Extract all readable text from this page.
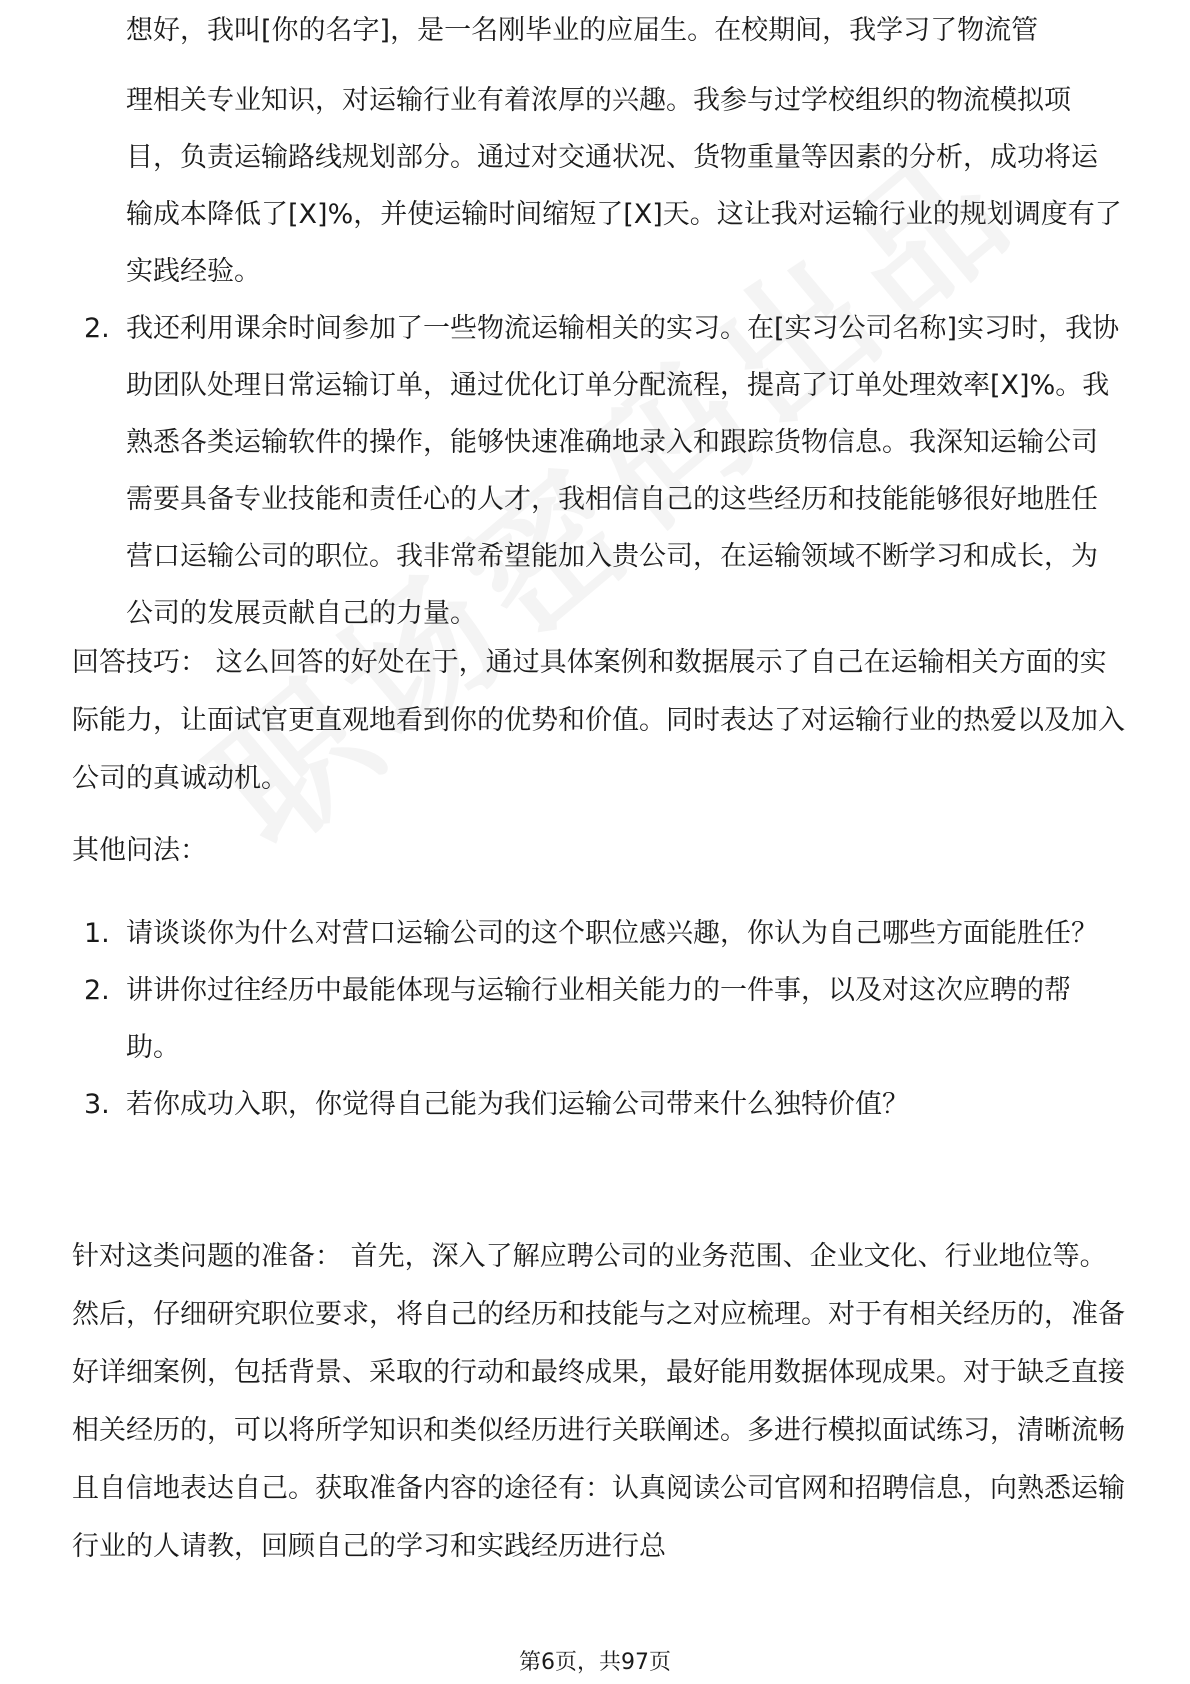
想好，我叫[你的名字]，是一名刚毕业的应届生。在校期间，我学习了物流管
理相关专业知识，对运输行业有着浓厚的兴趣。我参与过学校组织的物流模拟项目，负责运输路线规划部分。通过对交通状况、货物重量等因素的分析，成功将运输成本降低了[X]%，并使运输时间缩短了[X]天。这让我对运输行业的规划调度有了实践经验。
2. 我还利用课余时间参加了一些物流运输相关的实习。在[实习公司名称]实习时，我协助团队处理日常运输订单，通过优化订单分配流程，提高了订单处理效率[X]%。我熟悉各类运输软件的操作，能够快速准确地录入和跟踪货物信息。我深知运输公司需要具备专业技能和责任心的人才，我相信自己的这些经历和技能能够很好地胜任营口运输公司的职位。我非常希望能加入贵公司，在运输领域不断学习和成长，为公司的发展贡献自己的力量。

回答技巧： 这么回答的好处在于，通过具体案例和数据展示了自己在运输相关方面的实际能力，让面试官更直观地看到你的优势和价值。同时表达了对运输行业的热爱以及加入公司的真诚动机。

其他问法：

1. 请谈谈你为什么对营口运输公司的这个职位感兴趣，你认为自己哪些方面能胜任？
2. 讲讲你过往经历中最能体现与运输行业相关能力的一件事，以及对这次应聘的帮助。
3. 若你成功入职，你觉得自己能为我们运输公司带来什么独特价值？

针对这类问题的准备： 首先，深入了解应聘公司的业务范围、企业文化、行业地位等。然后，仔细研究职位要求，将自己的经历和技能与之对应梳理。对于有相关经历的，准备好详细案例，包括背景、采取的行动和最终成果，最好能用数据体现成果。对于缺乏直接相关经历的，可以将所学知识和类似经历进行关联阐述。多进行模拟面试练习，清晰流畅且自信地表达自己。获取准备内容的途径有：认真阅读公司官网和招聘信息，向熟悉运输行业的人请教，回顾自己的学习和实践经历进行总

第6页，共97页
